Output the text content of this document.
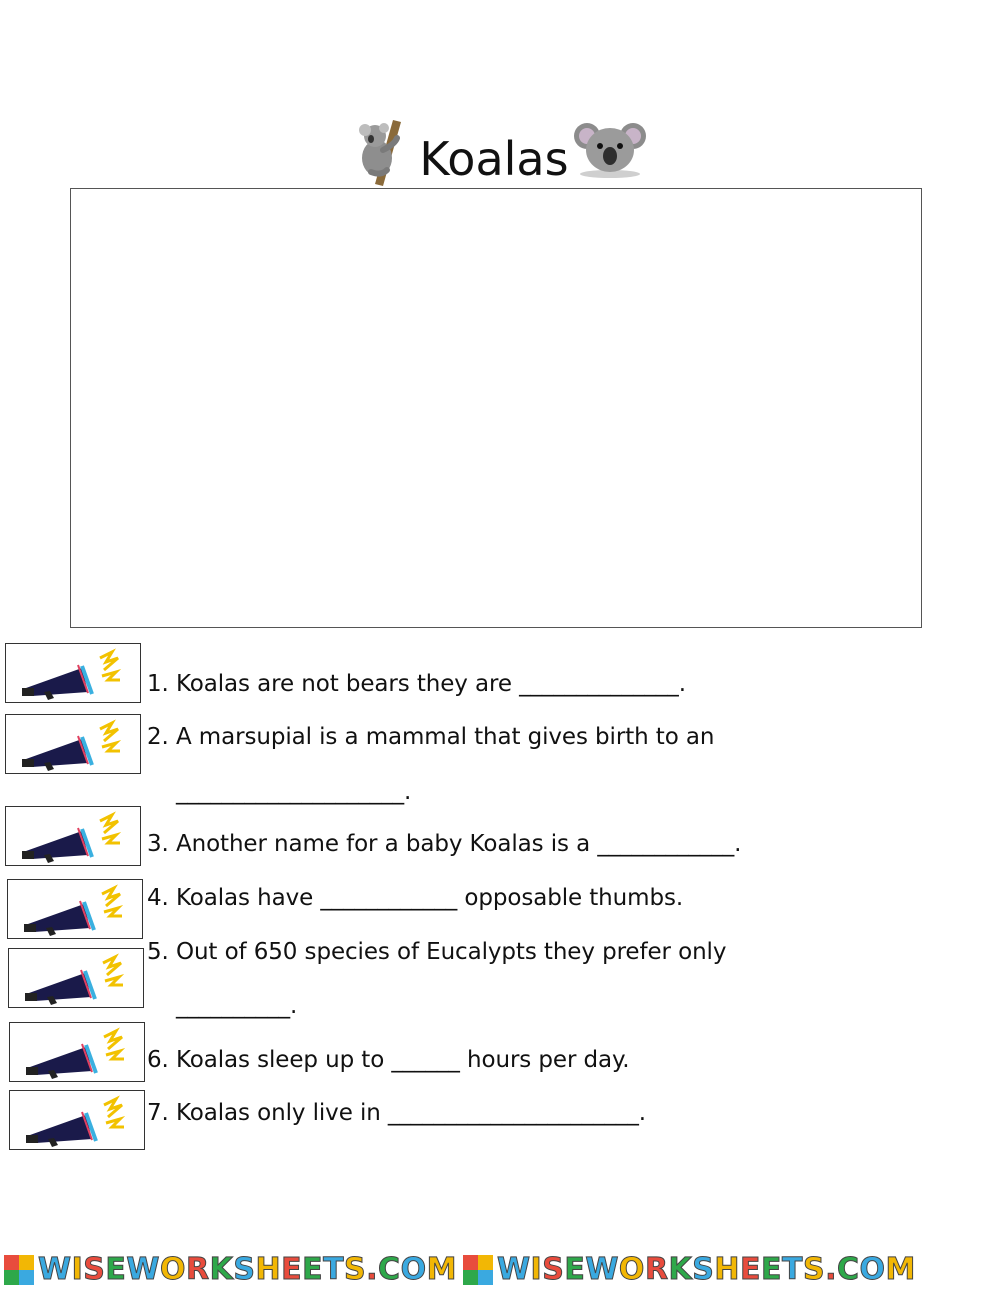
Koalas
1. Koalas are not bears they are ______________.
2. A marsupial is a mammal that gives birth to an
____________________.
3. Another name for a baby Koalas is a ____________.
4. Koalas have ____________ opposable thumbs.
5. Out of 650 species of Eucalypts they prefer only
__________.
6. Koalas sleep up to ______ hours per day.
7. Koalas only live in ______________________.
WISEWORKSHEETS.COM WISEWORKSHEETS.COM
